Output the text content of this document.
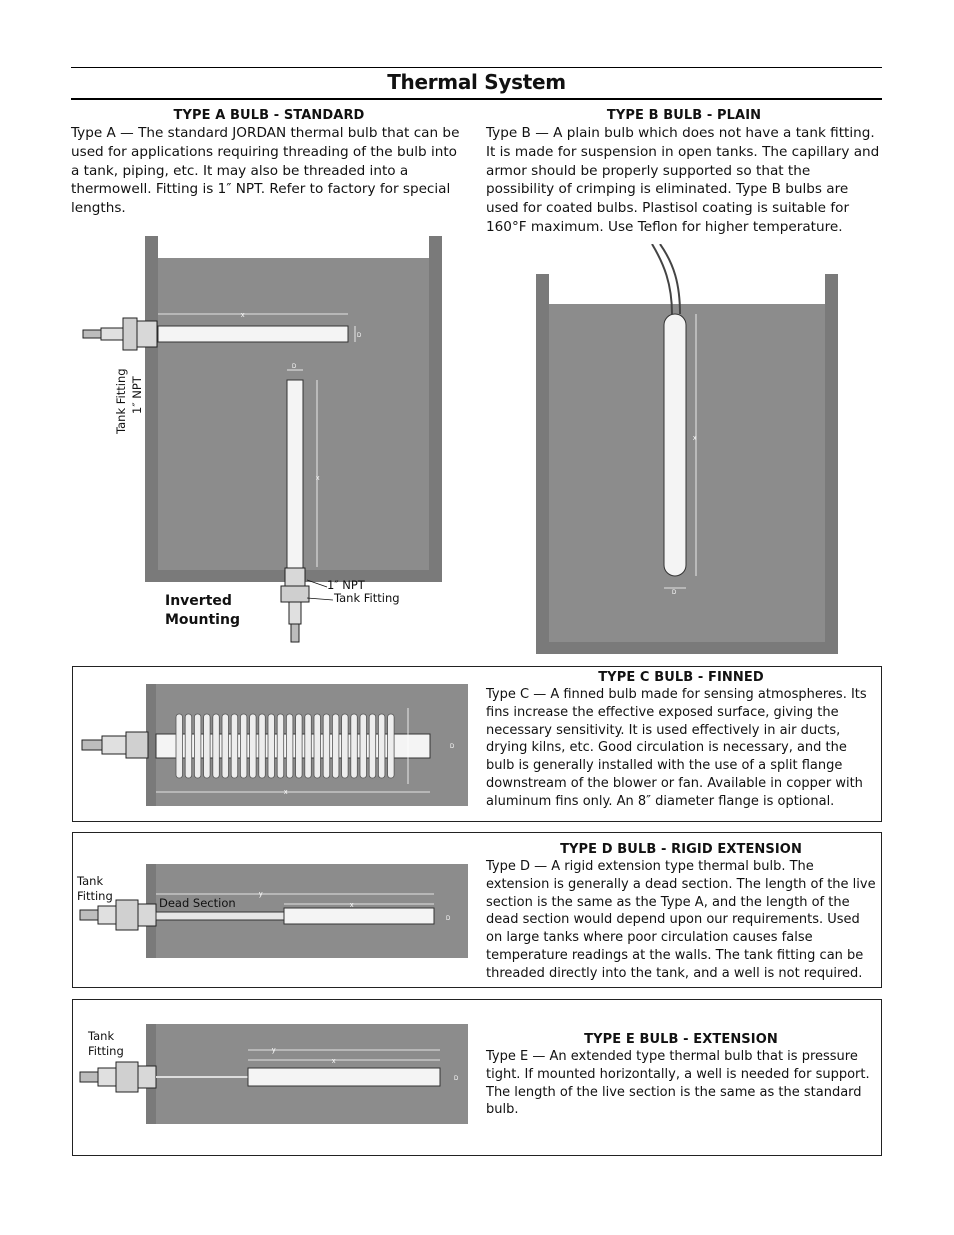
Thermal System
TYPE A BULB - STANDARD
Type A — The standard JORDAN thermal bulb that can be used for applications requiring threading of the bulb into a tank, piping, etc. It may also be threaded into a thermowell. Fitting is 1″ NPT. Refer to factory for special lengths.
x
D
D
x
Tank Fitting 1″ NPT
1″ NPT
Tank Fitting
Inverted
Mounting
TYPE B BULB - PLAIN
Type B — A plain bulb which does not have a tank fitting. It is made for suspension in open tanks. The capillary and armor should be properly supported so that the possibility of crimping is eliminated. Type B bulbs are used for coated bulbs. Plastisol coating is suitable for 160°F maximum. Use Teflon for higher temperature.
x
D
D
x
TYPE C BULB - FINNED
Type C — A finned bulb made for sensing atmospheres. Its fins increase the effective exposed surface, giving the necessary sensitivity. It is used effectively in air ducts, drying kilns, etc. Good circulation is necessary, and the bulb is generally installed with the use of a split flange downstream of the blower or fan. Available in copper with aluminum fins only. An 8″ diameter flange is optional.
y
x
D
Tank
Fitting	Dead Section
TYPE D BULB - RIGID EXTENSION
Type D — A rigid extension type thermal bulb. The extension is generally a dead section. The length of the live section is the same as the Type A, and the length of the dead section would depend upon our requirements. Used on large tanks where poor circulation causes false temperature readings at the walls. The tank fitting can be threaded directly into the tank, and a well is not required.
y
x
D
Tank
Fitting
TYPE E BULB - EXTENSION
Type E — An extended type thermal bulb that is pressure tight. If mounted horizontally, a well is needed for support. The length of the live section is the same as the standard bulb.
